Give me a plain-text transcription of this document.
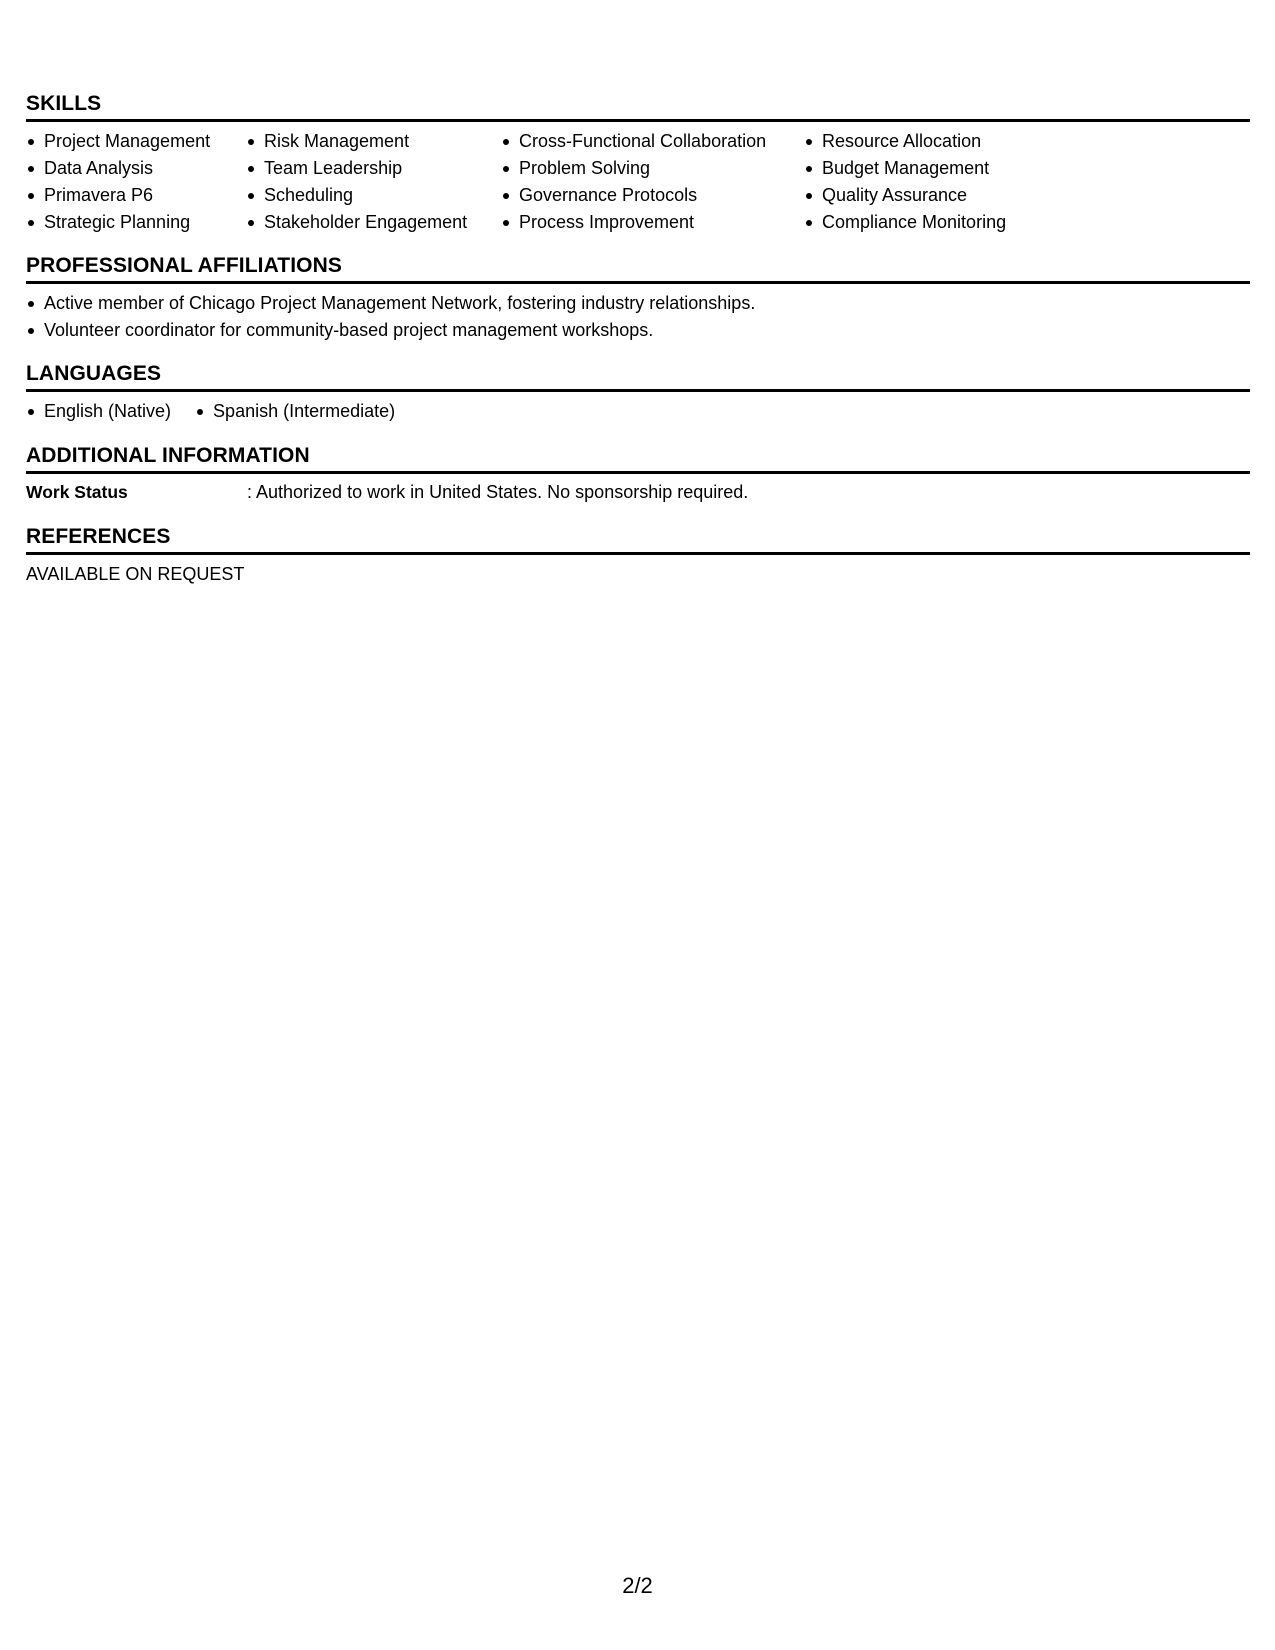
SKILLS
Project Management
Data Analysis
Primavera P6
Strategic Planning
Risk Management
Team Leadership
Scheduling
Stakeholder Engagement
Cross-Functional Collaboration
Problem Solving
Governance Protocols
Process Improvement
Resource Allocation
Budget Management
Quality Assurance
Compliance Monitoring
PROFESSIONAL AFFILIATIONS
Active member of Chicago Project Management Network, fostering industry relationships.
Volunteer coordinator for community-based project management workshops.
LANGUAGES
English (Native)	Spanish (Intermediate)
ADDITIONAL INFORMATION
Work Status	: Authorized to work in United States. No sponsorship required.
REFERENCES
AVAILABLE ON REQUEST
2/2
